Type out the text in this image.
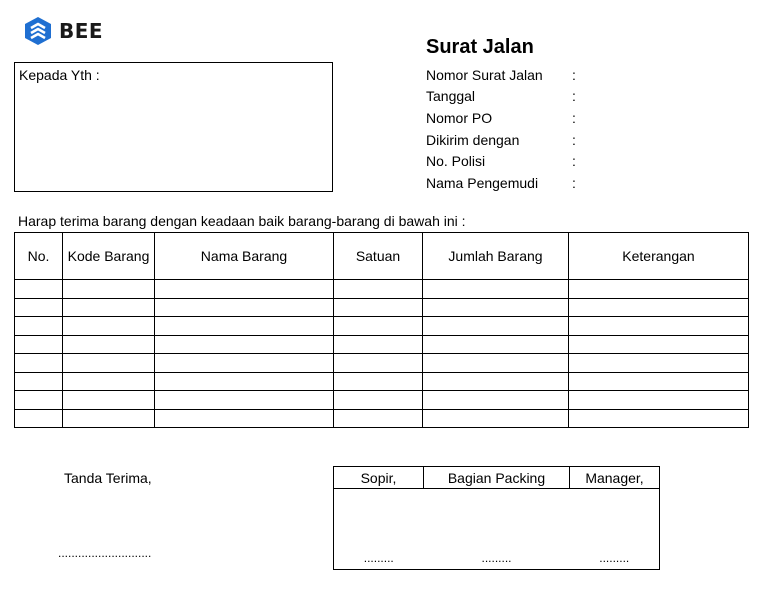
BEE
Kepada Yth :
Surat Jalan
Nomor Surat Jalan	:
Tanggal	:
Nomor PO	:
Dikirim dengan	:
No. Polisi	:
Nama Pengemudi	:
Harap terima barang dengan keadaan baik barang-barang di bawah ini :
No.	Kode Barang	Nama Barang	Satuan	Jumlah Barang	Keterangan

Tanda Terima,
............................
Sopir,	Bagian Packing	Manager,
.........	.........	.........
